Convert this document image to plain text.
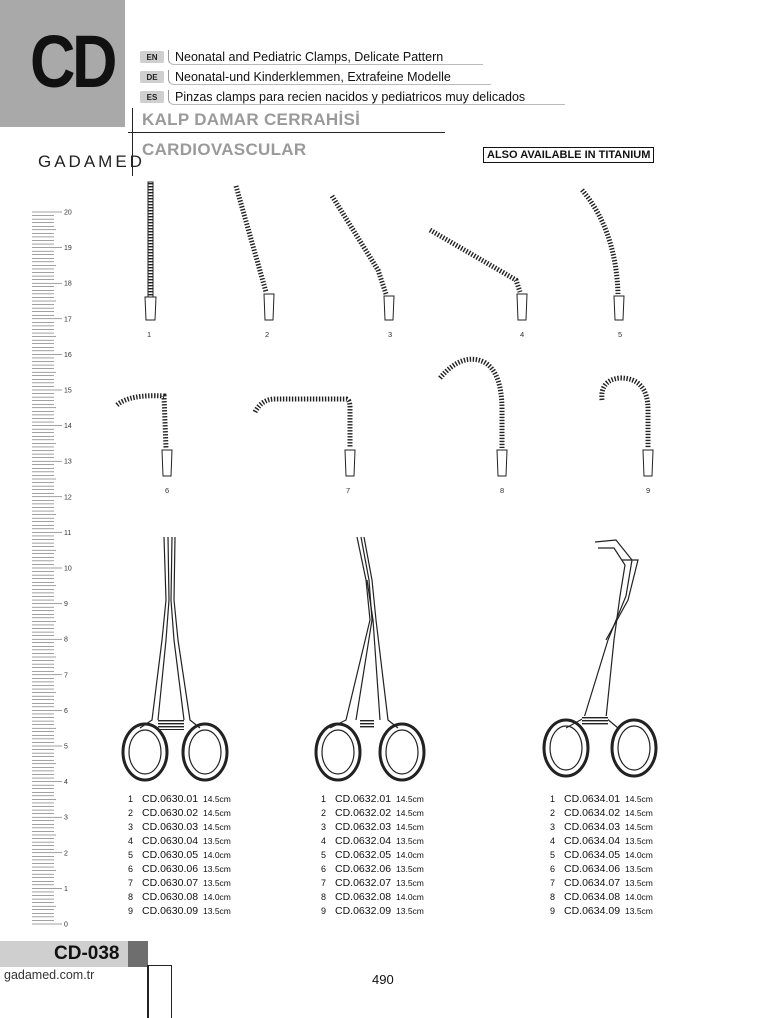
CD	EN	Neonatal and Pediatric Clamps, Delicate Pattern
DE	Neonatal-und Kinderklemmen, Extrafeine Modelle
ES	Pinzas clamps para recien nacidos y pediatricos muy delicados
KALP DAMAR CERRAHİSİ
CARDIOVASCULAR
GADAMED	ALSO AVAILABLE IN TITANIUM
20
19
18
17
16
15
14
13
12
11
10
9
8
7
6
5
4
3
2
1
0
1	2	3	4	5
6	7	8	9
1 CD.0630.01 14.5cm
2 CD.0630.02 14.5cm
3 CD.0630.03 14.5cm
4 CD.0630.04 13.5cm
5 CD.0630.05 14.0cm
6 CD.0630.06 13.5cm
7 CD.0630.07 13.5cm
8 CD.0630.08 14.0cm
9 CD.0630.09 13.5cm
1 CD.0632.01 14.5cm
2 CD.0632.02 14.5cm
3 CD.0632.03 14.5cm
4 CD.0632.04 13.5cm
5 CD.0632.05 14.0cm
6 CD.0632.06 13.5cm
7 CD.0632.07 13.5cm
8 CD.0632.08 14.0cm
9 CD.0632.09 13.5cm
1 CD.0634.01 14.5cm
2 CD.0634.02 14.5cm
3 CD.0634.03 14.5cm
4 CD.0634.04 13.5cm
5 CD.0634.05 14.0cm
6 CD.0634.06 13.5cm
7 CD.0634.07 13.5cm
8 CD.0634.08 14.0cm
9 CD.0634.09 13.5cm
CD-038
gadamed.com.tr	490
